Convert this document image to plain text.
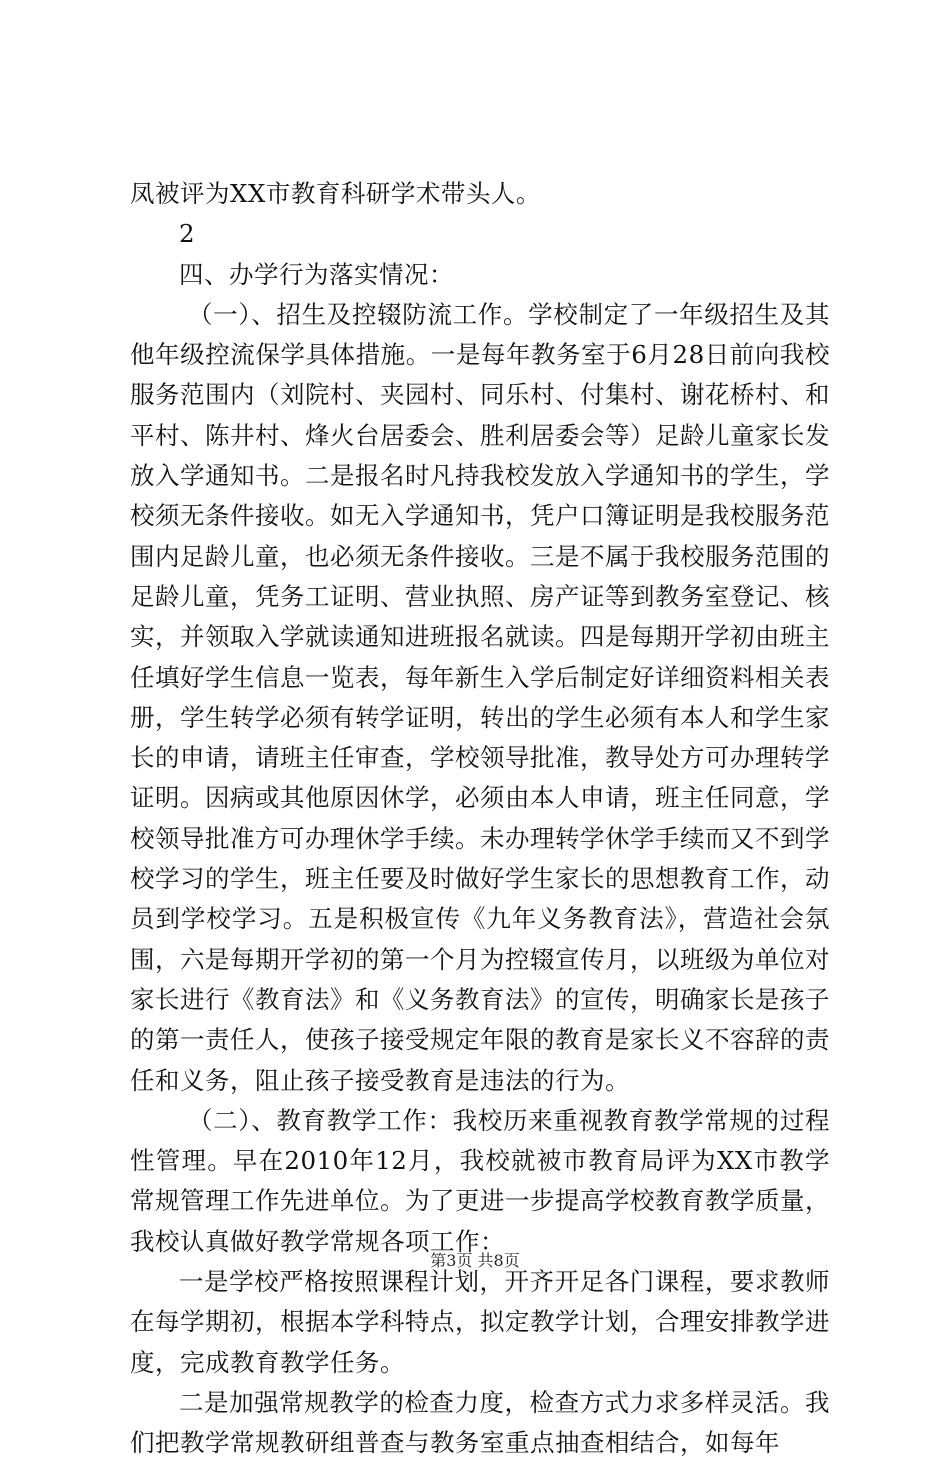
凤被评为XX市教育科研学术带头人。

2

四、办学行为落实情况：

（一）、招生及控辍防流工作。学校制定了一年级招生及其他年级控流保学具体措施。一是每年教务室于6月28日前向我校服务范围内（刘院村、夹园村、同乐村、付集村、谢花桥村、和平村、陈井村、烽火台居委会、胜利居委会等）足龄儿童家长发放入学通知书。二是报名时凡持我校发放入学通知书的学生，学校须无条件接收。如无入学通知书，凭户口簿证明是我校服务范围内足龄儿童，也必须无条件接收。三是不属于我校服务范围的足龄儿童，凭务工证明、营业执照、房产证等到教务室登记、核实，并领取入学就读通知进班报名就读。四是每期开学初由班主任填好学生信息一览表，每年新生入学后制定好详细资料相关表册，学生转学必须有转学证明，转出的学生必须有本人和学生家长的申请，请班主任审查，学校领导批准，教导处方可办理转学证明。因病或其他原因休学，必须由本人申请，班主任同意，学校领导批准方可办理休学手续。未办理转学休学手续而又不到学校学习的学生，班主任要及时做好学生家长的思想教育工作，动员到学校学习。五是积极宣传《九年义务教育法》，营造社会氛围，六是每期开学初的第一个月为控辍宣传月，以班级为单位对家长进行《教育法》和《义务教育法》的宣传，明确家长是孩子的第一责任人，使孩子接受规定年限的教育是家长义不容辞的责任和义务，阻止孩子接受教育是违法的行为。

（二）、教育教学工作：我校历来重视教育教学常规的过程性管理。早在2010年12月，我校就被市教育局评为XX市教学常规管理工作先进单位。为了更进一步提高学校教育教学质量，我校认真做好教学常规各项工作：

一是学校严格按照课程计划，开齐开足各门课程，要求教师在每学期初，根据本学科特点，拟定教学计划，合理安排教学进度，完成教育教学任务。

二是加强常规教学的检查力度，检查方式力求多样灵活。我们把教学常规教研组普查与教务室重点抽查相结合，如每年

第3页 共8页
